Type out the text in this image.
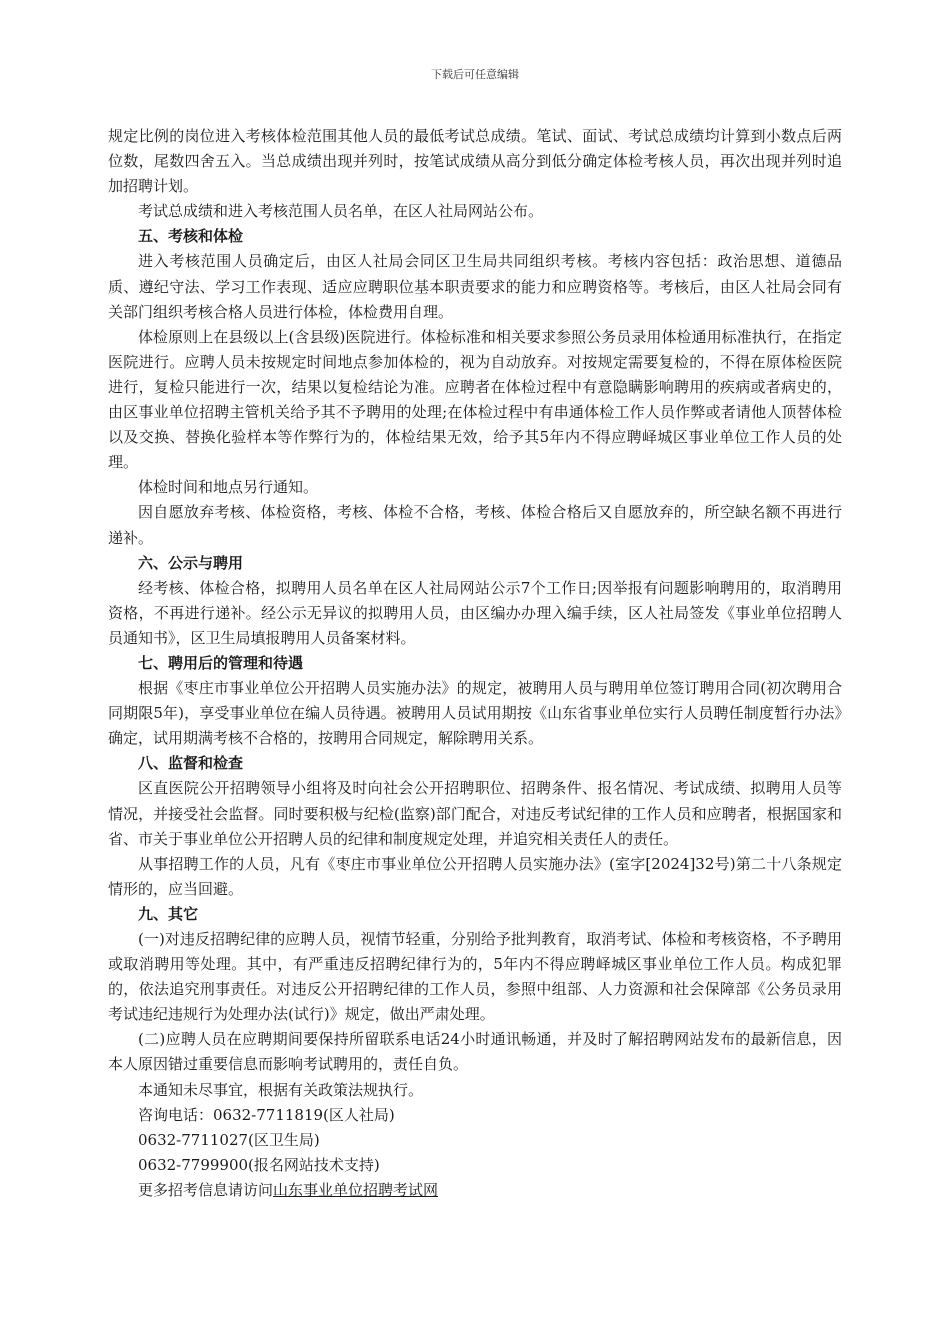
下载后可任意编辑

规定比例的岗位进入考核体检范围其他人员的最低考试总成绩。笔试、面试、考试总成绩均计算到小数点后两位数，尾数四舍五入。当总成绩出现并列时，按笔试成绩从高分到低分确定体检考核人员，再次出现并列时追加招聘计划。

考试总成绩和进入考核范围人员名单，在区人社局网站公布。

五、考核和体检

进入考核范围人员确定后，由区人社局会同区卫生局共同组织考核。考核内容包括：政治思想、道德品质、遵纪守法、学习工作表现、适应应聘职位基本职责要求的能力和应聘资格等。考核后，由区人社局会同有关部门组织考核合格人员进行体检，体检费用自理。

体检原则上在县级以上(含县级)医院进行。体检标准和相关要求参照公务员录用体检通用标准执行，在指定医院进行。应聘人员未按规定时间地点参加体检的，视为自动放弃。对按规定需要复检的，不得在原体检医院进行，复检只能进行一次，结果以复检结论为准。应聘者在体检过程中有意隐瞒影响聘用的疾病或者病史的，由区事业单位招聘主管机关给予其不予聘用的处理;在体检过程中有串通体检工作人员作弊或者请他人顶替体检以及交换、替换化验样本等作弊行为的，体检结果无效，给予其5年内不得应聘峄城区事业单位工作人员的处理。

体检时间和地点另行通知。

因自愿放弃考核、体检资格，考核、体检不合格，考核、体检合格后又自愿放弃的，所空缺名额不再进行递补。

六、公示与聘用

经考核、体检合格，拟聘用人员名单在区人社局网站公示7个工作日;因举报有问题影响聘用的，取消聘用资格，不再进行递补。经公示无异议的拟聘用人员，由区编办办理入编手续，区人社局签发《事业单位招聘人员通知书》，区卫生局填报聘用人员备案材料。

七、聘用后的管理和待遇

根据《枣庄市事业单位公开招聘人员实施办法》的规定，被聘用人员与聘用单位签订聘用合同(初次聘用合同期限5年)，享受事业单位在编人员待遇。被聘用人员试用期按《山东省事业单位实行人员聘任制度暂行办法》确定，试用期满考核不合格的，按聘用合同规定，解除聘用关系。

八、监督和检查

区直医院公开招聘领导小组将及时向社会公开招聘职位、招聘条件、报名情况、考试成绩、拟聘用人员等情况，并接受社会监督。同时要积极与纪检(监察)部门配合，对违反考试纪律的工作人员和应聘者，根据国家和省、市关于事业单位公开招聘人员的纪律和制度规定处理，并追究相关责任人的责任。

从事招聘工作的人员，凡有《枣庄市事业单位公开招聘人员实施办法》(室字[2024]32号)第二十八条规定情形的，应当回避。

九、其它

(一)对违反招聘纪律的应聘人员，视情节轻重，分别给予批判教育，取消考试、体检和考核资格，不予聘用或取消聘用等处理。其中，有严重违反招聘纪律行为的，5年内不得应聘峄城区事业单位工作人员。构成犯罪的，依法追究刑事责任。对违反公开招聘纪律的工作人员，参照中组部、人力资源和社会保障部《公务员录用考试违纪违规行为处理办法(试行)》规定，做出严肃处理。

(二)应聘人员在应聘期间要保持所留联系电话24小时通讯畅通，并及时了解招聘网站发布的最新信息，因本人原因错过重要信息而影响考试聘用的，责任自负。

本通知未尽事宜，根据有关政策法规执行。

咨询电话：0632-7711819(区人社局)

0632-7711027(区卫生局)

0632-7799900(报名网站技术支持)

更多招考信息请访问山东事业单位招聘考试网
